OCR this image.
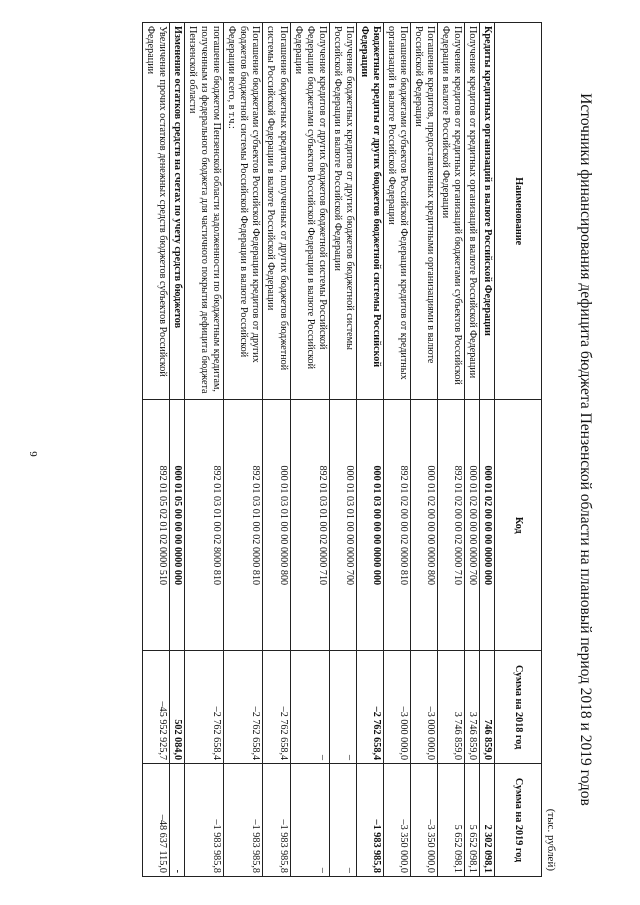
6	Источники финансирования дефицита бюджета Пензенской области на плановый период 2018 и 2019 годов
(тыс. рублей)
Наименование	Код	Сумма на 2018 год	Сумма на 2019 год
Кредиты кредитных организаций в валюте Российской Федерации	000 01 02 00 00 00 0000 000	746 859,0	2 302 098,1
Получение кредитов от кредитных организаций в валюте Российской Федерации	000 01 02 00 00 00 0000 700	3 746 859,0	5 652 098,1
Получение кредитов от кредитных организаций бюджетами субъектов Российской Федерации в валюте Российской Федерации	892 01 02 00 00 02 0000 710	3 746 859,0	5 652 098,1
Погашение кредитов, предоставленных кредитными организациями в валюте Российской Федерации	000 01 02 00 00 00 0000 800	–3 000 000,0	–3 350 000,0
Погашение бюджетами субъектов Российской Федерации кредитов от кредитных организаций в валюте Российской Федерации	892 01 02 00 00 02 0000 810	–3 000 000,0	–3 350 000,0
Бюджетные кредиты от других бюджетов бюджетной системы Российской Федерации	000 01 03 00 00 00 0000 000	–2 762 658,4	–1 983 985,8
Получение бюджетных кредитов от других бюджетов бюджетной системы Российской Федерации в валюте Российской Федерации	000 01 03 01 00 00 0000 700	–	–
Получение кредитов от других бюджетов бюджетной системы Российской Федерации бюджетами субъектов Российской Федерации в валюте Российской Федерации	892 01 03 01 00 02 0000 710	–	–
Погашение бюджетных кредитов, полученных от других бюджетов бюджетной системы Российской Федерации в валюте Российской Федерации	000 01 03 01 00 00 0000 800	–2 762 658,4	–1 983 985,8
Погашение бюджетами субъектов Российской Федерации кредитов от других бюджетов бюджетной системы Российской Федерации в валюте Российской Федерации всего, в т.ч.:	892 01 03 01 00 02 0000 810	–2 762 658,4	–1 983 985,8
погашение бюджетом Пензенской области задолженности по бюджетным кредитам, полученным из федерального бюджета для частичного покрытия дефицита бюджета Пензенской области	892 01 03 01 00 02 8000 810	–2 762 658,4	–1 983 985,8
Изменение остатков средств на счетах по учету средств бюджетов	000 01 05 00 00 00 0000 000	502 084,0	-
Увеличение прочих остатков денежных средств бюджетов субъектов Российской Федерации	892 01 05 02 01 02 0000 510	–45 952 925,7	–48 637 115,0
